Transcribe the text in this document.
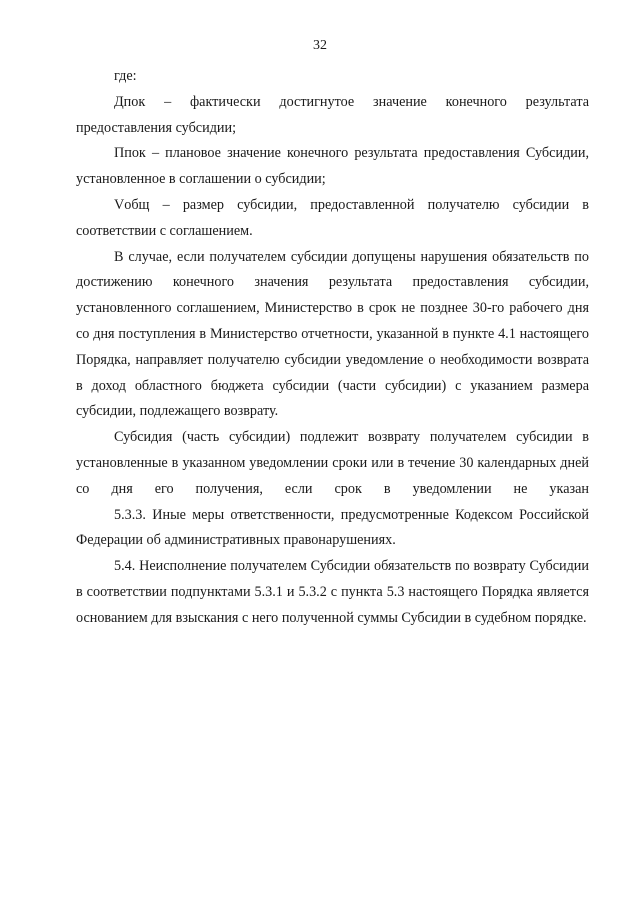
32

где:

Дпок – фактически достигнутое значение конечного результата предоставления субсидии;

Ппок – плановое значение конечного результата предоставления Субсидии, установленное в соглашении о субсидии;

Vобщ – размер субсидии, предоставленной получателю субсидии в соответствии с соглашением.

В случае, если получателем субсидии допущены нарушения обязательств по достижению конечного значения результата предоставления субсидии, установленного соглашением, Министерство в срок не позднее 30-го рабочего дня со дня поступления в Министерство отчетности, указанной в пункте 4.1 настоящего Порядка, направляет получателю субсидии уведомление о необходимости возврата в доход областного бюджета субсидии (части субсидии) с указанием размера субсидии, подлежащего возврату.

Субсидия (часть субсидии) подлежит возврату получателем субсидии в установленные в указанном уведомлении сроки или в течение 30 календарных дней со дня его получения, если срок в уведомлении не указан

5.3.3. Иные меры ответственности, предусмотренные Кодексом Российской Федерации об административных правонарушениях.

5.4. Неисполнение получателем Субсидии обязательств по возврату Субсидии в соответствии подпунктами 5.3.1 и 5.3.2 с пункта 5.3 настоящего Порядка является основанием для взыскания с него полученной суммы Субсидии в судебном порядке.
